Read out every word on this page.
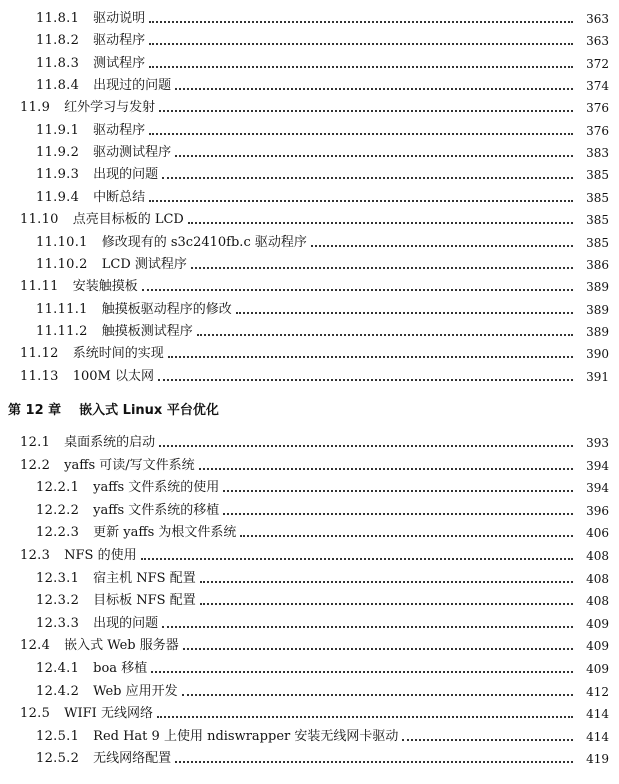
11.8.1 驱动说明	363
11.8.2 驱动程序	363
11.8.3 测试程序	372
11.8.4 出现过的问题	374
11.9 红外学习与发射	376
11.9.1 驱动程序	376
11.9.2 驱动测试程序	383
11.9.3 出现的问题	385
11.9.4 中断总结	385
11.10 点亮目标板的 LCD	385
11.10.1 修改现有的 s3c2410fb.c 驱动程序	385
11.10.2 LCD 测试程序	386
11.11 安装触摸板	389
11.11.1 触摸板驱动程序的修改	389
11.11.2 触摸板测试程序	389
11.12 系统时间的实现	390
11.13 100M 以太网	391
第 12 章 嵌入式 Linux 平台优化
12.1 桌面系统的启动	393
12.2 yaffs 可读/写文件系统	394
12.2.1 yaffs 文件系统的使用	394
12.2.2 yaffs 文件系统的移植	396
12.2.3 更新 yaffs 为根文件系统	406
12.3 NFS 的使用	408
12.3.1 宿主机 NFS 配置	408
12.3.2 目标板 NFS 配置	408
12.3.3 出现的问题	409
12.4 嵌入式 Web 服务器	409
12.4.1 boa 移植	409
12.4.2 Web 应用开发	412
12.5 WIFI 无线网络	414
12.5.1 Red Hat 9 上使用 ndiswrapper 安装无线网卡驱动	414
12.5.2 无线网络配置	419
